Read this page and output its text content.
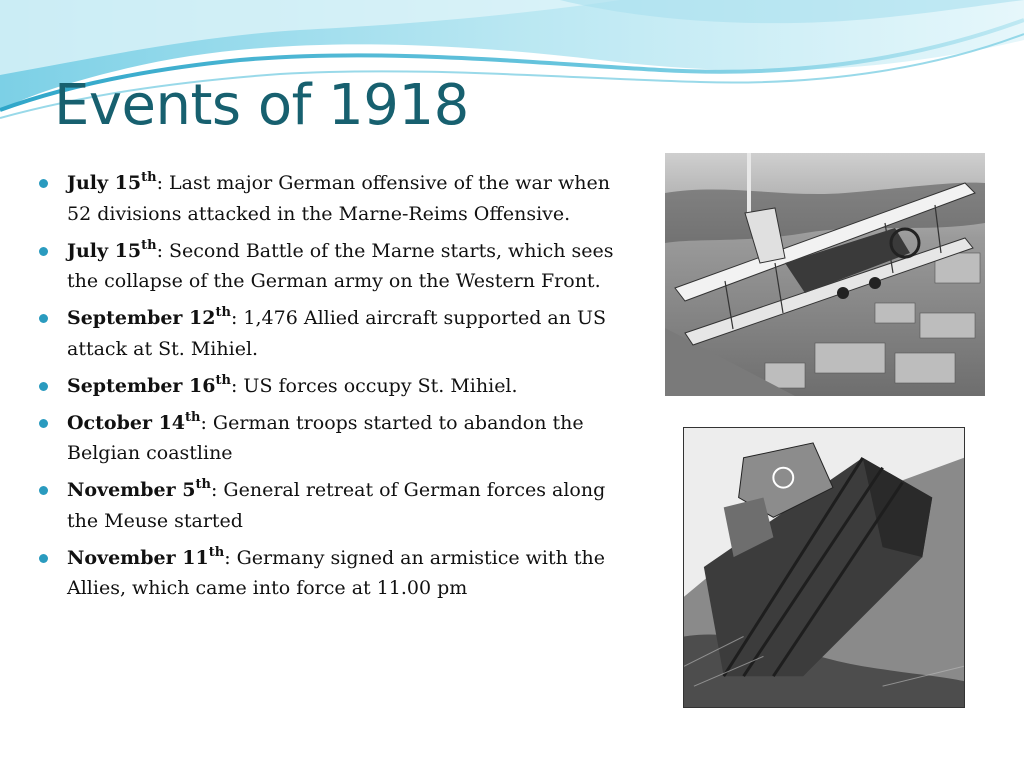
Events of 1918
July 15th: Last major German offensive of the war when 52 divisions attacked in the Marne-Reims Offensive.
July 15th: Second Battle of the Marne starts, which sees the collapse of the German army on the Western Front.
September 12th: 1,476 Allied aircraft supported an US attack at St. Mihiel.
September 16th: US forces occupy St. Mihiel.
October 14th: German troops started to abandon the Belgian coastline
November 5th: General retreat of German forces along the Meuse started
November 11th: Germany signed an armistice with the Allies, which came into force at 11.00 pm
